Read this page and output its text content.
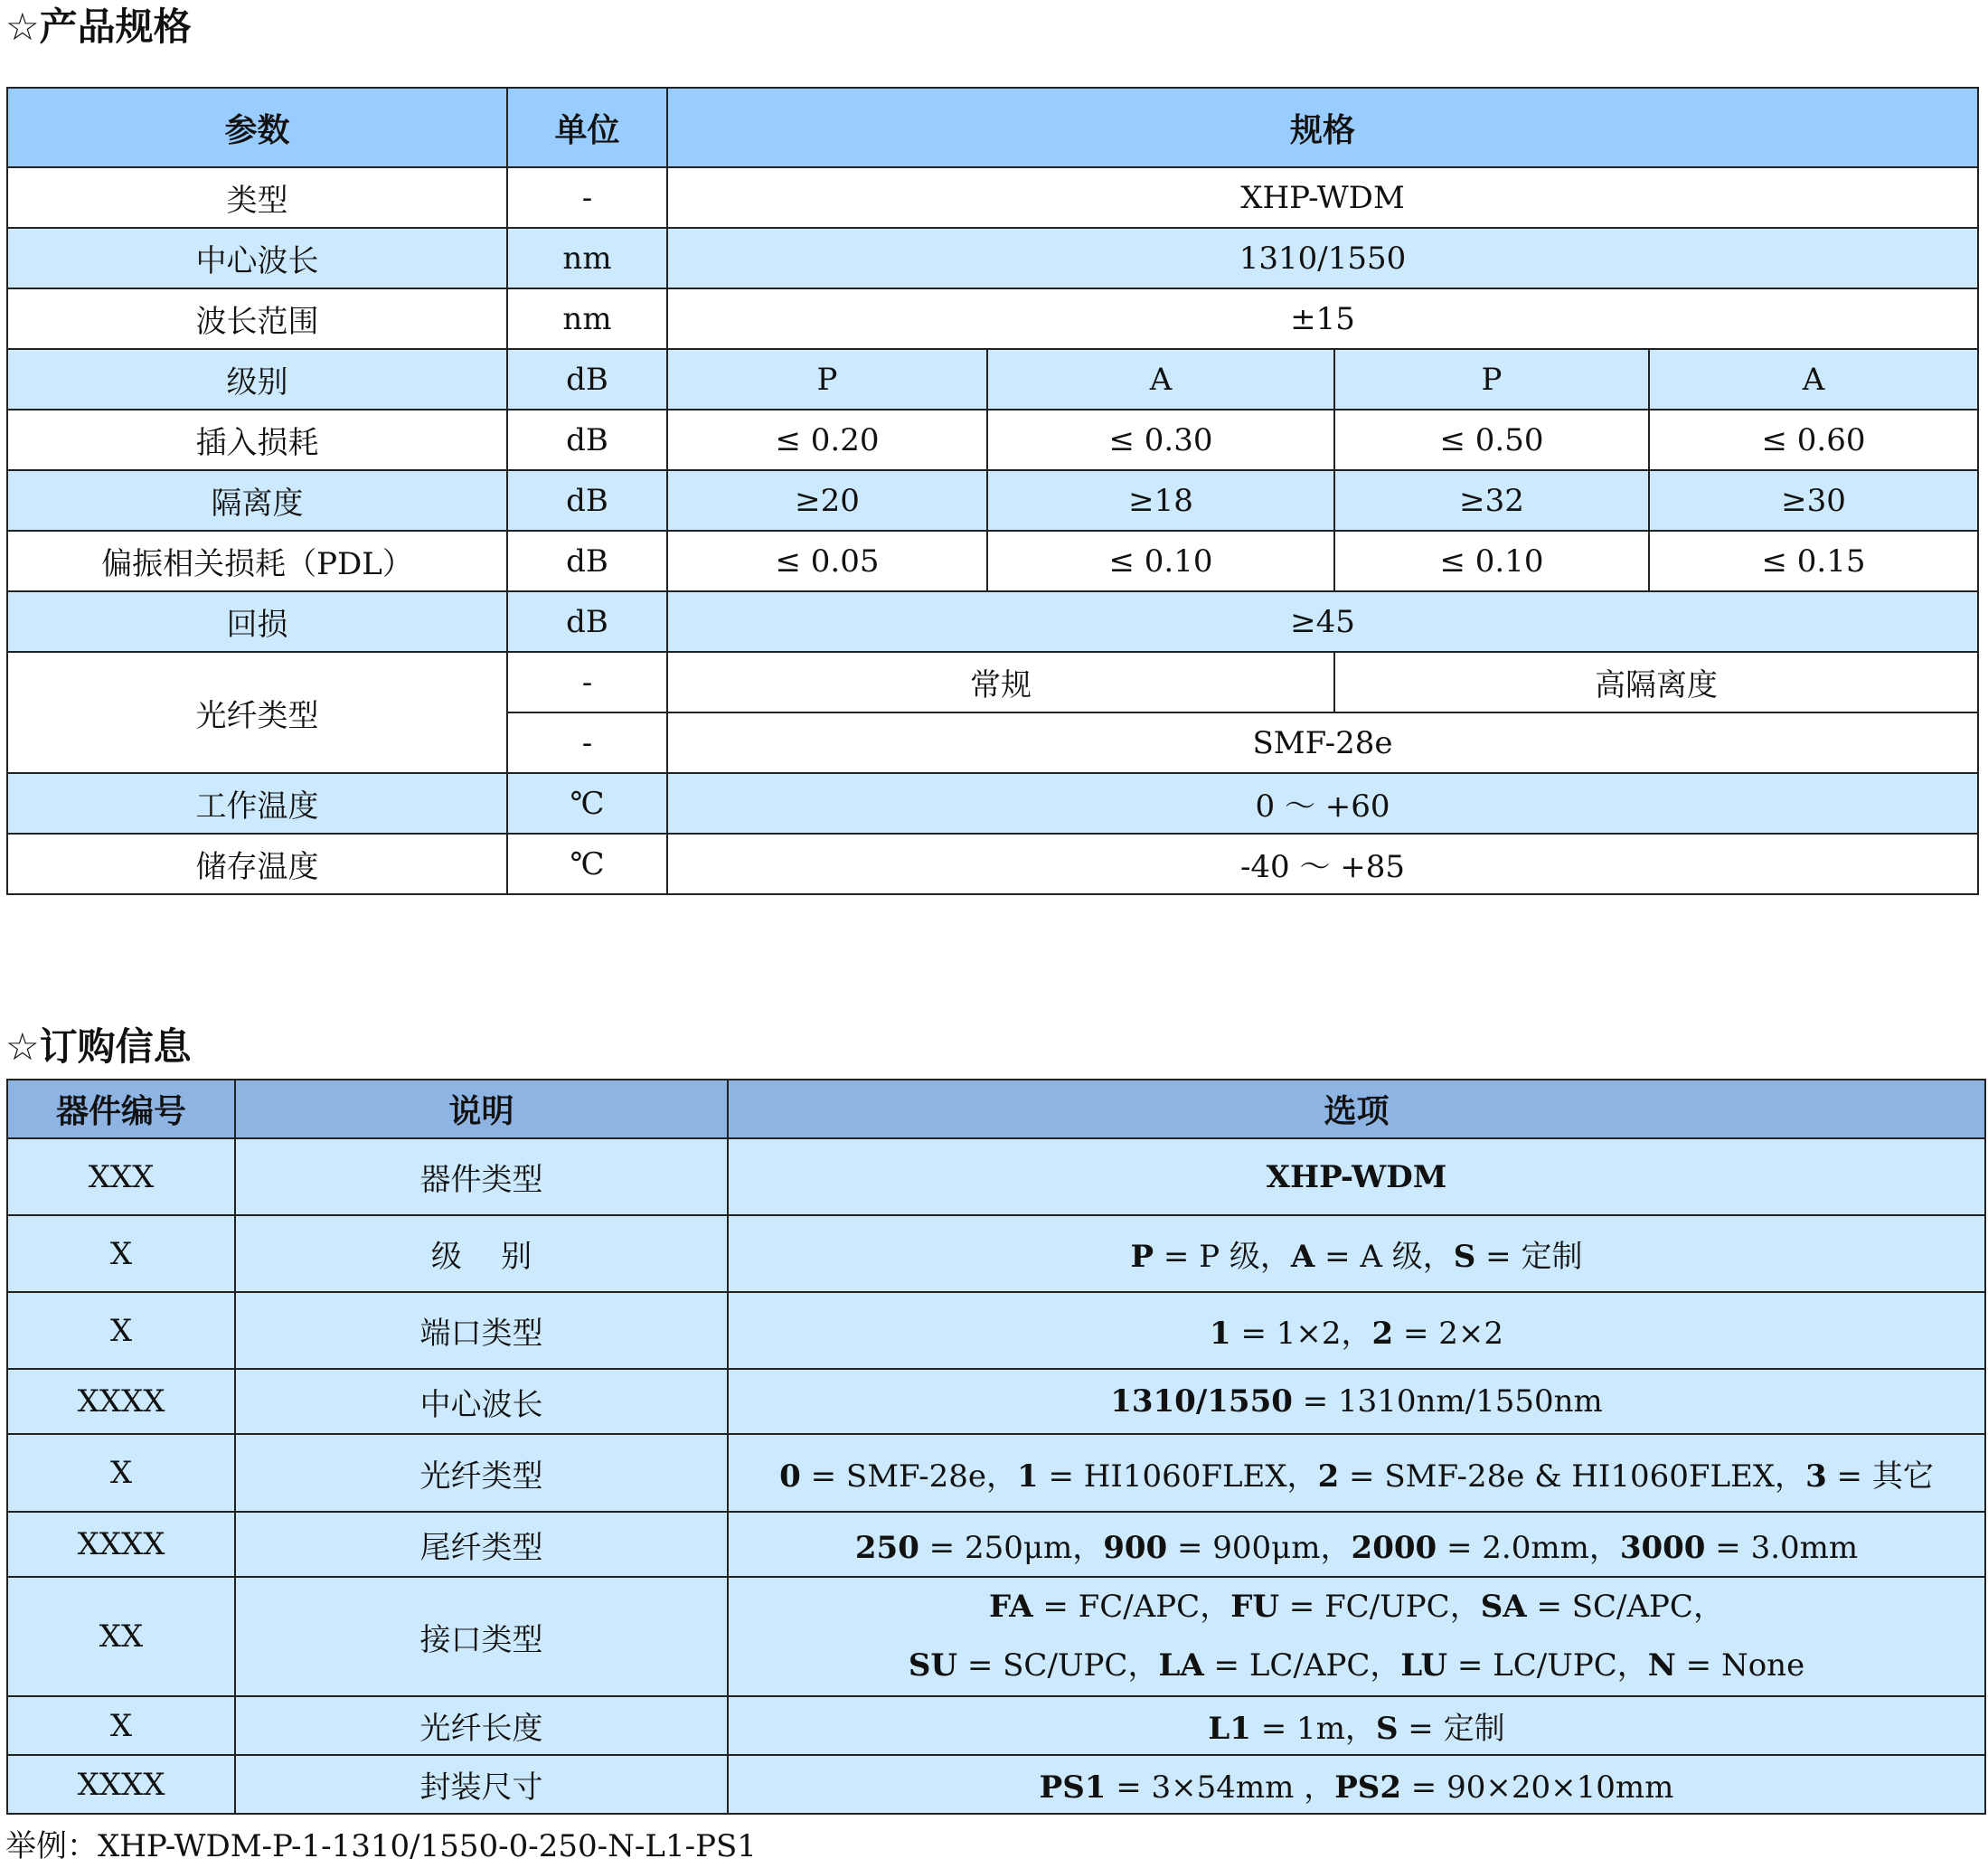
☆产品规格
参数	单位	规格			
类型	-	XHP-WDM			
中心波长	nm	1310/1550			
波长范围	nm	±15			
级别	dB	P	A	P	A
插入损耗	dB	≤ 0.20	≤ 0.30	≤ 0.50	≤ 0.60
隔离度	dB	≥20	≥18	≥32	≥30
偏振相关损耗（PDL）	dB	≤ 0.05	≤ 0.10	≤ 0.10	≤ 0.15
回损	dB	≥45			
光纤类型	-	常规		高隔离度	
	-	SMF-28e			
工作温度	℃	0 ～ +60			
储存温度	℃	-40 ～ +85			
☆订购信息
器件编号	说明	选项
XXX	器件类型	XHP-WDM
X	级    别	P = P 级，A = A 级，S = 定制
X	端口类型	1 = 1×2，2 = 2×2
XXXX	中心波长	1310/1550 = 1310nm/1550nm
X	光纤类型	0 = SMF-28e，1 = HI1060FLEX，2 = SMF-28e & HI1060FLEX，3 = 其它
XXXX	尾纤类型	250 = 250μm，900 = 900μm，2000 = 2.0mm，3000 = 3.0mm
XX	接口类型	FA = FC/APC，FU = FC/UPC，SA = SC/APC，
SU = SC/UPC，LA = LC/APC，LU = LC/UPC，N = None

X	光纤长度	L1 = 1m，S = 定制
XXXX	封装尺寸	PS1 = 3×54mm ，PS2 = 90×20×10mm

举例：XHP-WDM-P-1-1310/1550-0-250-N-L1-PS1
